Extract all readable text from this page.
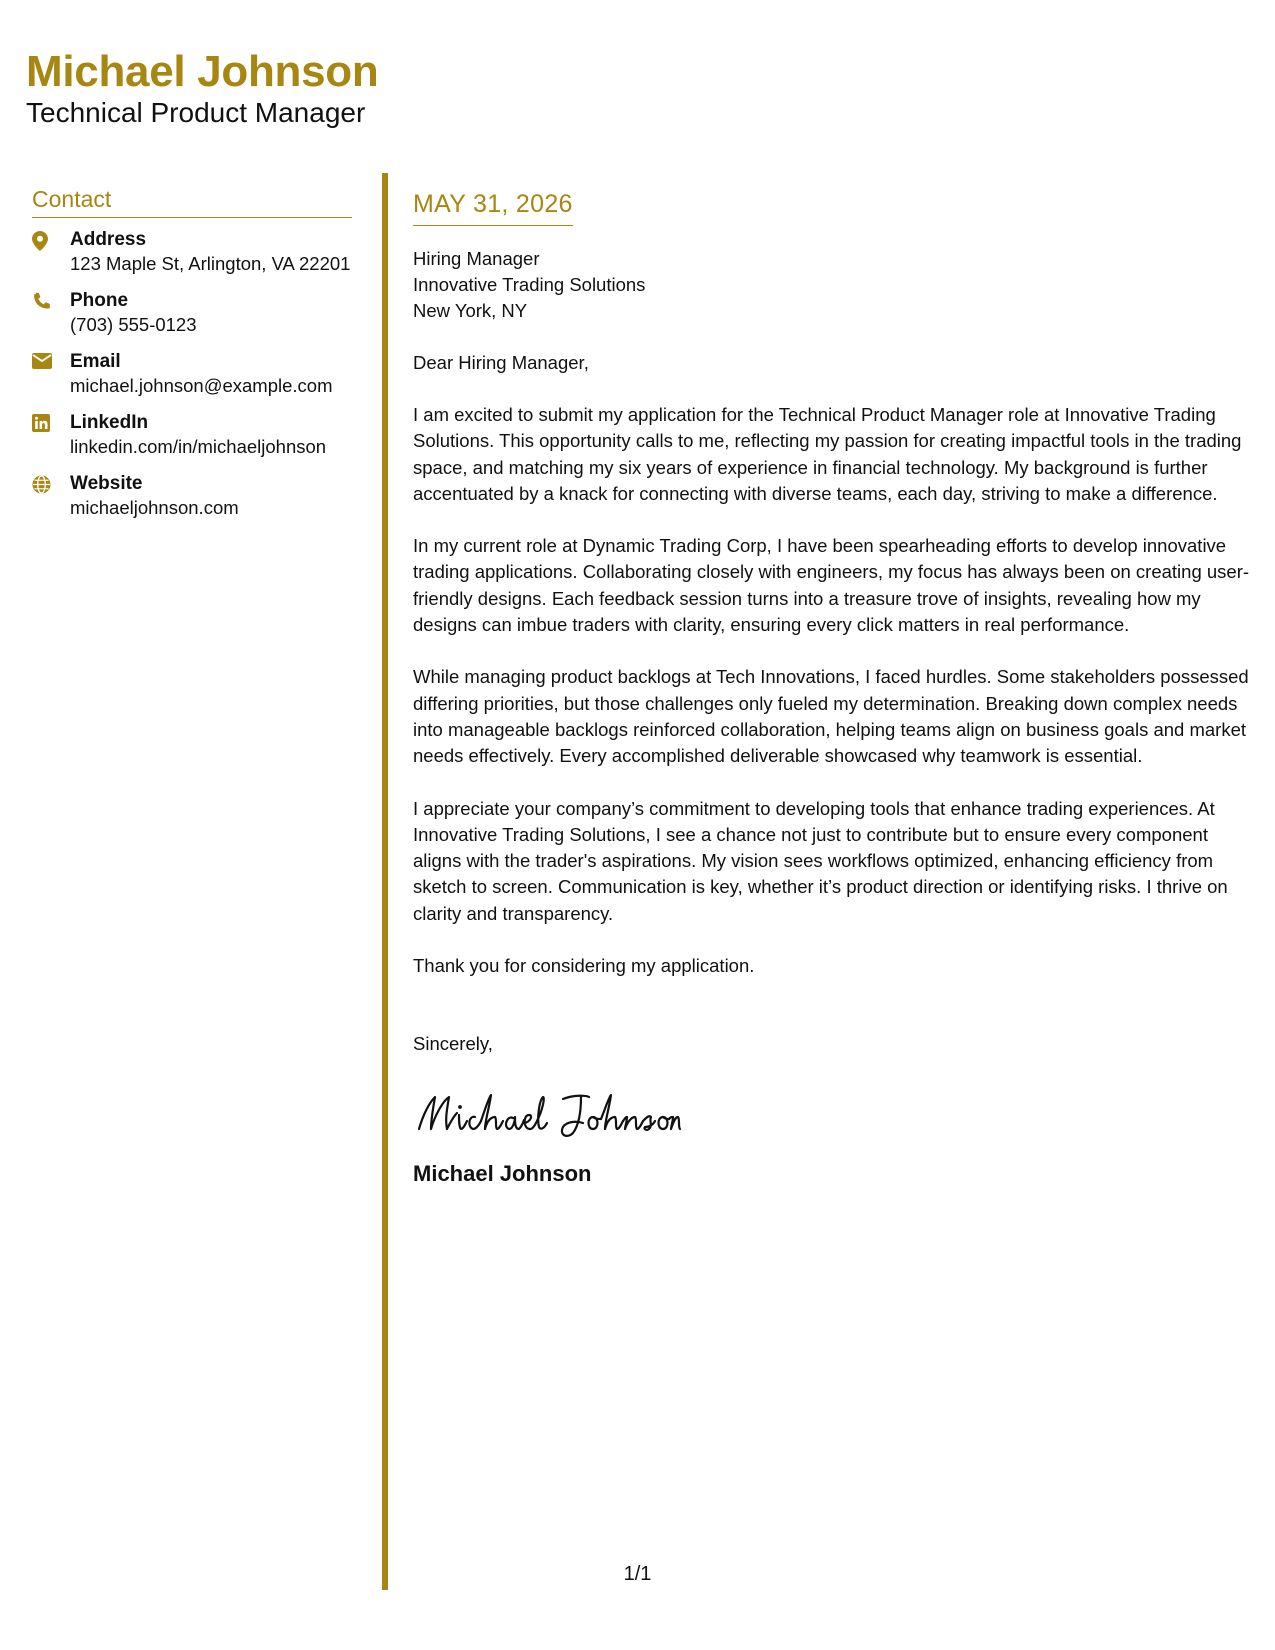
Michael Johnson
Technical Product Manager
Contact
Address
123 Maple St, Arlington, VA 22201
Phone
(703) 555-0123
Email
michael.johnson@example.com
LinkedIn
linkedin.com/in/michaeljohnson
Website
michaeljohnson.com
MAY 31, 2026
Hiring Manager
Innovative Trading Solutions
New York, NY
Dear Hiring Manager,
I am excited to submit my application for the Technical Product Manager role at Innovative Trading Solutions. This opportunity calls to me, reflecting my passion for creating impactful tools in the trading space, and matching my six years of experience in financial technology. My background is further accentuated by a knack for connecting with diverse teams, each day, striving to make a difference.
In my current role at Dynamic Trading Corp, I have been spearheading efforts to develop innovative trading applications. Collaborating closely with engineers, my focus has always been on creating user-friendly designs. Each feedback session turns into a treasure trove of insights, revealing how my designs can imbue traders with clarity, ensuring every click matters in real performance.
While managing product backlogs at Tech Innovations, I faced hurdles. Some stakeholders possessed differing priorities, but those challenges only fueled my determination. Breaking down complex needs into manageable backlogs reinforced collaboration, helping teams align on business goals and market needs effectively. Every accomplished deliverable showcased why teamwork is essential.
I appreciate your company’s commitment to developing tools that enhance trading experiences. At Innovative Trading Solutions, I see a chance not just to contribute but to ensure every component aligns with the trader's aspirations. My vision sees workflows optimized, enhancing efficiency from sketch to screen. Communication is key, whether it’s product direction or identifying risks. I thrive on clarity and transparency.
Thank you for considering my application.
Sincerely,
Michael Johnson
1/1
